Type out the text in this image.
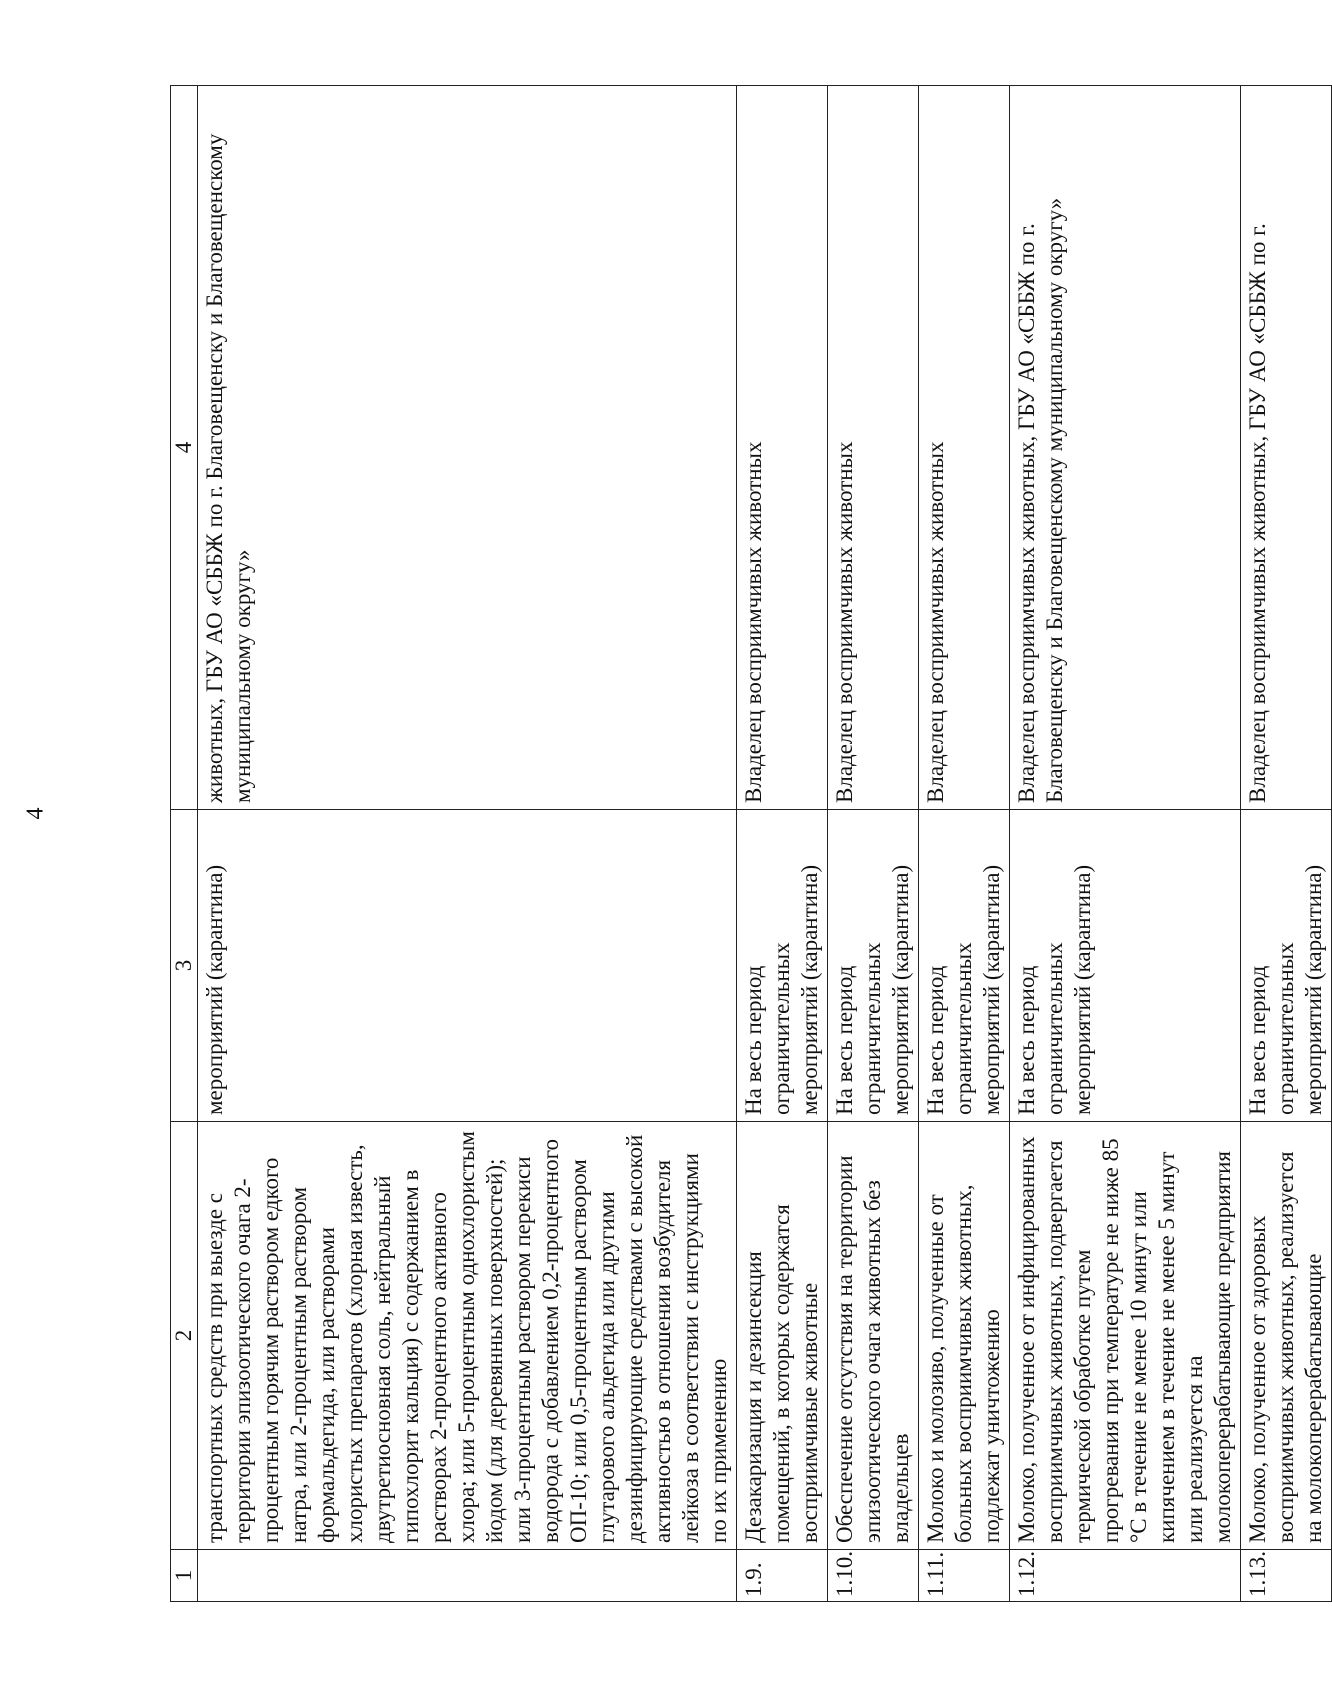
4
1	2	3	4
	транспортных средств при выезде с территории эпизоотического очага 2-процентным горячим раствором едкого натра, или 2-процентным раствором формальдегида, или растворами хлористых препаратов (хлорная известь, двутретиосновная соль, нейтральный гипохлорит кальция) с содержанием в растворах 2-процентного активного хлора; или 5-процентным однохлористым йодом (для деревянных поверхностей); или 3-процентным раствором перекиси водорода с добавлением 0,2-процентного ОП-10; или 0,5-процентным раствором глутарового альдегида или другими дезинфицирующие средствами с высокой активностью в отношении возбудителя лейкоза в соответствии с инструкциями по их применению	мероприятий (карантина)	животных, ГБУ АО «СББЖ по г. Благовещенску и Благовещенскому муниципальному округу»
1.9.	Дезакаризация и дезинсекция помещений, в которых содержатся восприимчивые животные	На весь период ограничительных мероприятий (карантина)	Владелец восприимчивых животных
1.10.	Обеспечение отсутствия на территории эпизоотического очага животных без владельцев	На весь период ограничительных мероприятий (карантина)	Владелец восприимчивых животных
1.11.	Молоко и молозиво, полученные от больных восприимчивых животных, подлежат уничтожению	На весь период ограничительных мероприятий (карантина)	Владелец восприимчивых животных
1.12.	Молоко, полученное от инфицированных восприимчивых животных, подвергается термической обработке путем прогревания при температуре не ниже 85 °С в течение не менее 10 минут или кипячением в течение не менее 5 минут или реализуется на молокоперерабатывающие предприятия	На весь период ограничительных мероприятий (карантина)	Владелец восприимчивых животных, ГБУ АО «СББЖ по г. Благовещенску и Благовещенскому муниципальному округу»
1.13.	Молоко, полученное от здоровых восприимчивых животных, реализуется на молокоперерабатывающие	На весь период ограничительных мероприятий (карантина)	Владелец восприимчивых животных, ГБУ АО «СББЖ по г.
